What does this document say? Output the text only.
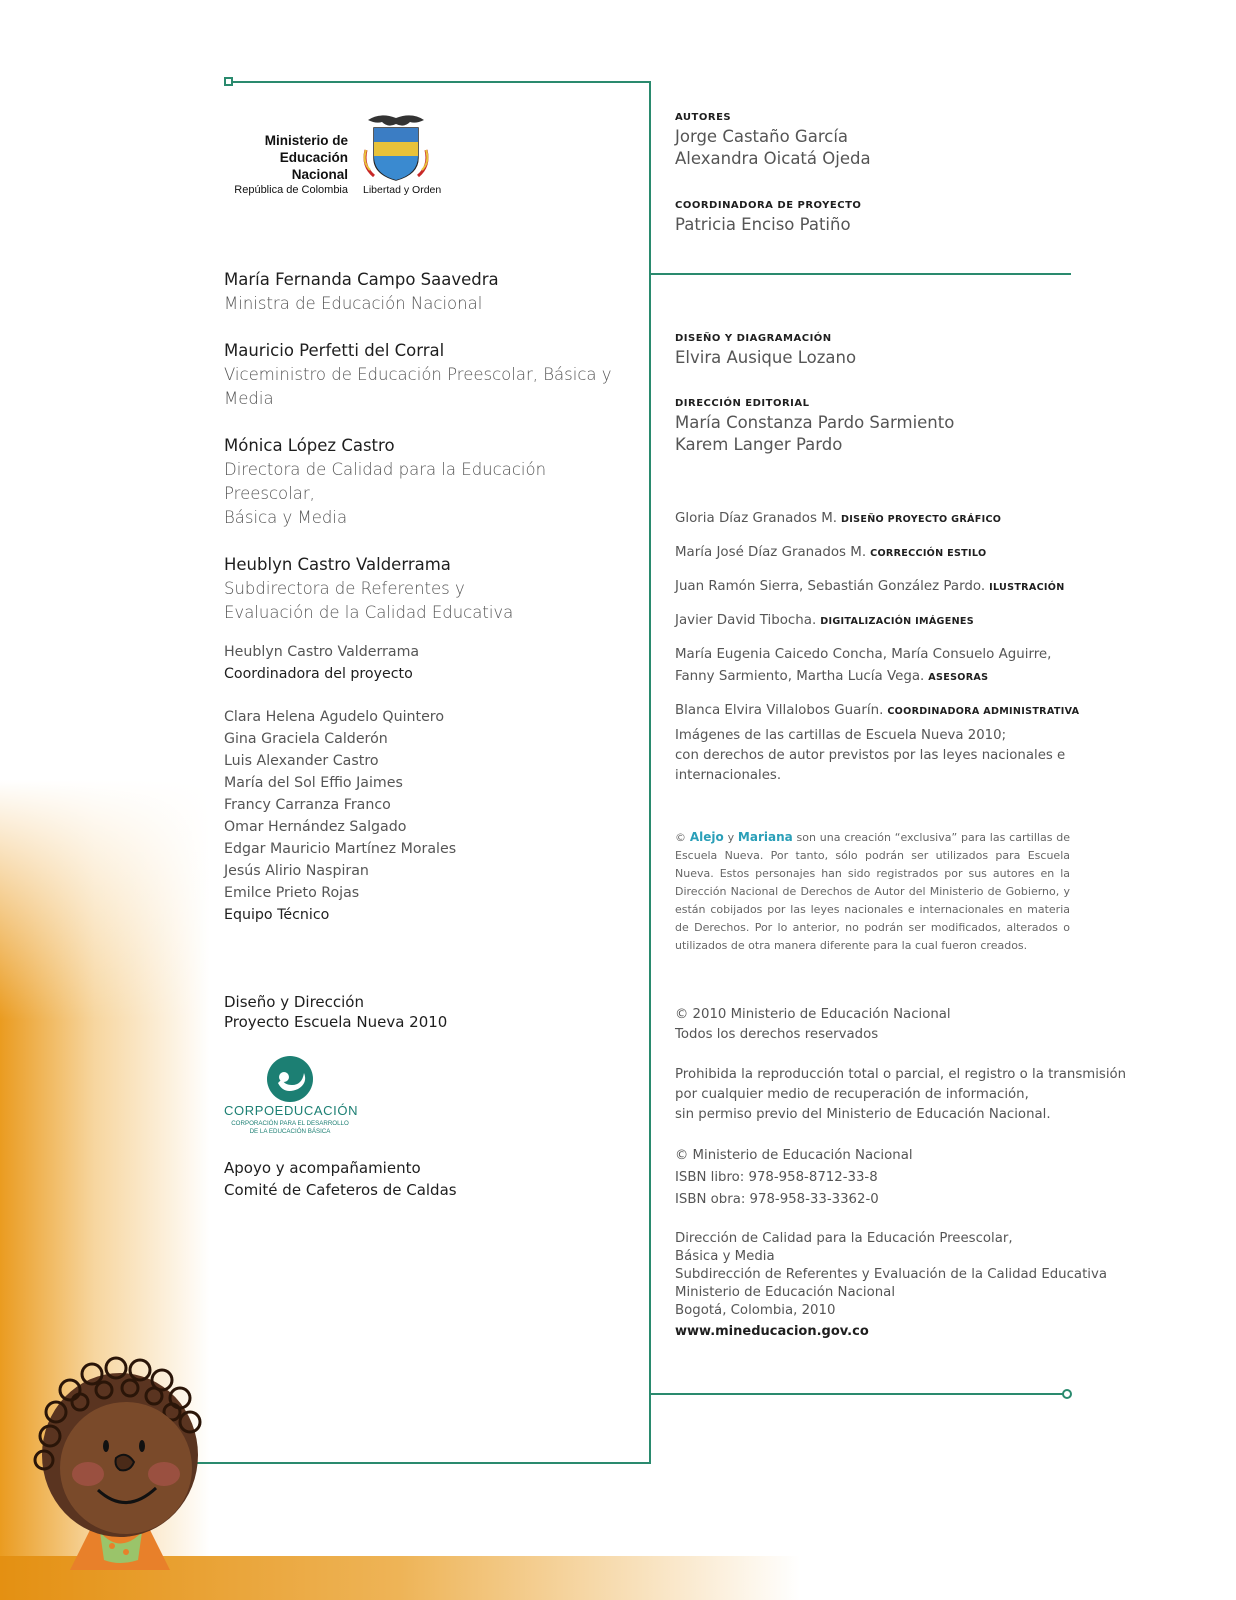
Ministerio de
Educación Nacional
República de Colombia Libertad y Orden
María Fernanda Campo Saavedra
Ministra de Educación Nacional
Mauricio Perfetti del Corral
Viceministro de Educación Preescolar, Básica y Media
Mónica López Castro
Directora de Calidad para la Educación Preescolar,
Básica y Media
Heublyn Castro Valderrama
Subdirectora de Referentes y
Evaluación de la Calidad Educativa
Heublyn Castro Valderrama
Coordinadora del proyecto
Clara Helena Agudelo Quintero
Gina Graciela Calderón
Luis Alexander Castro
María del Sol Effio Jaimes
Francy Carranza Franco
Omar Hernández Salgado
Edgar Mauricio Martínez Morales
Jesús Alirio Naspiran
Emilce Prieto Rojas
Equipo Técnico
Diseño y Dirección
Proyecto Escuela Nueva 2010
CORPOEDUCACIÓN
CORPORACIÓN PARA EL DESARROLLO
DE LA EDUCACIÓN BÁSICA
Apoyo y acompañamiento
Comité de Cafeteros de Caldas
AUTORES
Jorge Castaño García
Alexandra Oicatá Ojeda
COORDINADORA DE PROYECTO
Patricia Enciso Patiño
DISEÑO Y DIAGRAMACIÓN
Elvira Ausique Lozano
DIRECCIÓN EDITORIAL
María Constanza Pardo Sarmiento
Karem Langer Pardo
Gloria Díaz Granados M. DISEÑO PROYECTO GRÁFICO
María José Díaz Granados M. CORRECCIÓN ESTILO
Juan Ramón Sierra, Sebastián González Pardo. ILUSTRACIÓN
Javier David Tibocha. DIGITALIZACIÓN IMÁGENES
María Eugenia Caicedo Concha, María Consuelo Aguirre,
Fanny Sarmiento, Martha Lucía Vega. ASESORAS
Blanca Elvira Villalobos Guarín. COORDINADORA ADMINISTRATIVA
Imágenes de las cartillas de Escuela Nueva 2010;
con derechos de autor previstos por las leyes nacionales e
internacionales.
© Alejo y Mariana son una creación “exclusiva” para las cartillas de Escuela Nueva. Por tanto, sólo podrán ser utilizados para Escuela Nueva. Estos personajes han sido registrados por sus autores en la Dirección Nacional de Derechos de Autor del Ministerio de Gobierno, y están cobijados por las leyes nacionales e internacionales en materia de Derechos. Por lo anterior, no podrán ser modificados, alterados o utilizados de otra manera diferente para la cual fueron creados.
© 2010 Ministerio de Educación Nacional
Todos los derechos reservados
Prohibida la reproducción total o parcial, el registro o la transmisión
por cualquier medio de recuperación de información,
sin permiso previo del Ministerio de Educación Nacional.
© Ministerio de Educación Nacional
ISBN libro: 978-958-8712-33-8
ISBN obra: 978-958-33-3362-0
Dirección de Calidad para la Educación Preescolar,
Básica y Media
Subdirección de Referentes y Evaluación de la Calidad Educativa
Ministerio de Educación Nacional
Bogotá, Colombia, 2010
www.mineducacion.gov.co
